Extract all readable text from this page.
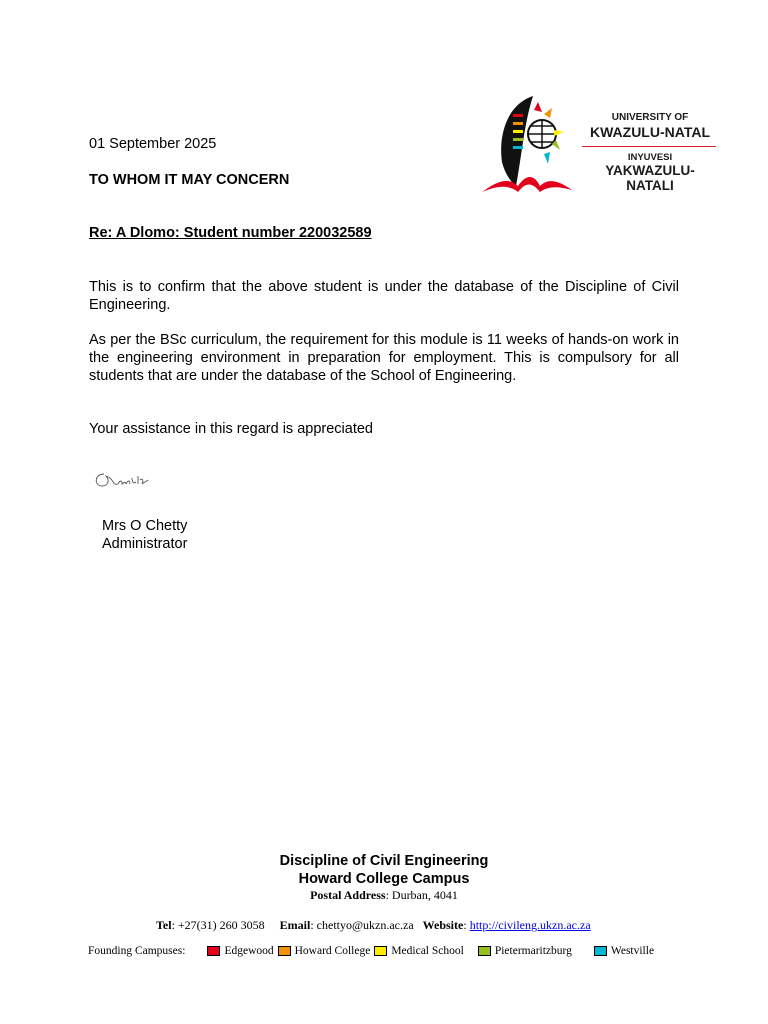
UNIVERSITY OF
KWAZULU-NATAL
INYUVESI
YAKWAZULU-NATALI
01 September 2025
TO WHOM IT MAY CONCERN
Re: A Dlomo: Student number 220032589
This is to confirm that the above student is under the database of the Discipline of Civil Engineering.
As per the BSc curriculum, the requirement for this module is 11 weeks of hands-on work in the engineering environment in preparation for employment. This is compulsory for all students that are under the database of the School of Engineering.
Your assistance in this regard is appreciated
Mrs O Chetty
Administrator
Discipline of Civil Engineering
Howard College Campus
Postal Address: Durban, 4041
Tel: +27(31) 260 3058 Email: chettyo@ukzn.ac.za Website: http://civileng.ukzn.ac.za
Founding Campuses:	Edgewood Howard College Medical School	Pietermaritzburg	Westville
